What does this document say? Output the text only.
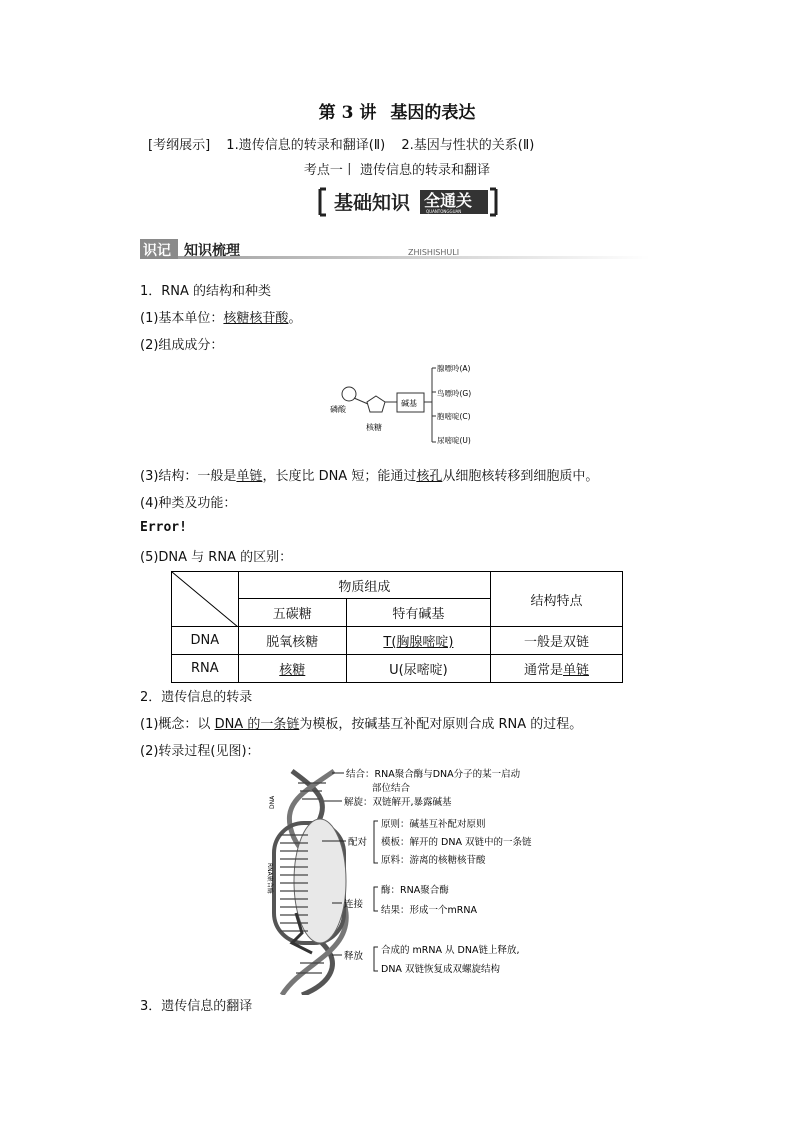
第 3 讲 基因的表达
[考纲展示] 1.遗传信息的转录和翻译(Ⅱ) 2.基因与性状的关系(Ⅱ)
考点一丨 遗传信息的转录和翻译
基础知识 全通关
QUANTONGGUAN
识记 知识梳理	ZHISHISHULI
1．RNA 的结构和种类
(1)基本单位：核糖核苷酸。
(2)组成成分：
碱基
磷酸
核糖
腺嘌呤(A)
鸟嘌呤(G)
胞嘧啶(C)
尿嘧啶(U)
(3)结构：一般是单链，长度比 DNA 短；能通过核孔从细胞核转移到细胞质中。
(4)种类及功能：
Error!
(5)DNA 与 RNA 的区别：
	物质组成		结构特点
	五碳糖	特有碱基	
DNA	脱氧核糖	T(胸腺嘧啶)	一般是双链
RNA	核糖	U(尿嘧啶)	通常是单链
2．遗传信息的转录
(1)概念：以 DNA 的一条链为模板，按碱基互补配对原则合成 RNA 的过程。
(2)转录过程(见图)：
DNA
RNA聚合酶
结合：RNA聚合酶与DNA分子的某一启动
部位结合
解旋：双链解开,暴露碱基
配对
原则：碱基互补配对原则
模板：解开的 DNA 双链中的一条链
原料：游离的核糖核苷酸
连接
酶：RNA聚合酶
结果：形成一个mRNA
释放
合成的 mRNA 从 DNA链上释放,
DNA 双链恢复成双螺旋结构
3．遗传信息的翻译
